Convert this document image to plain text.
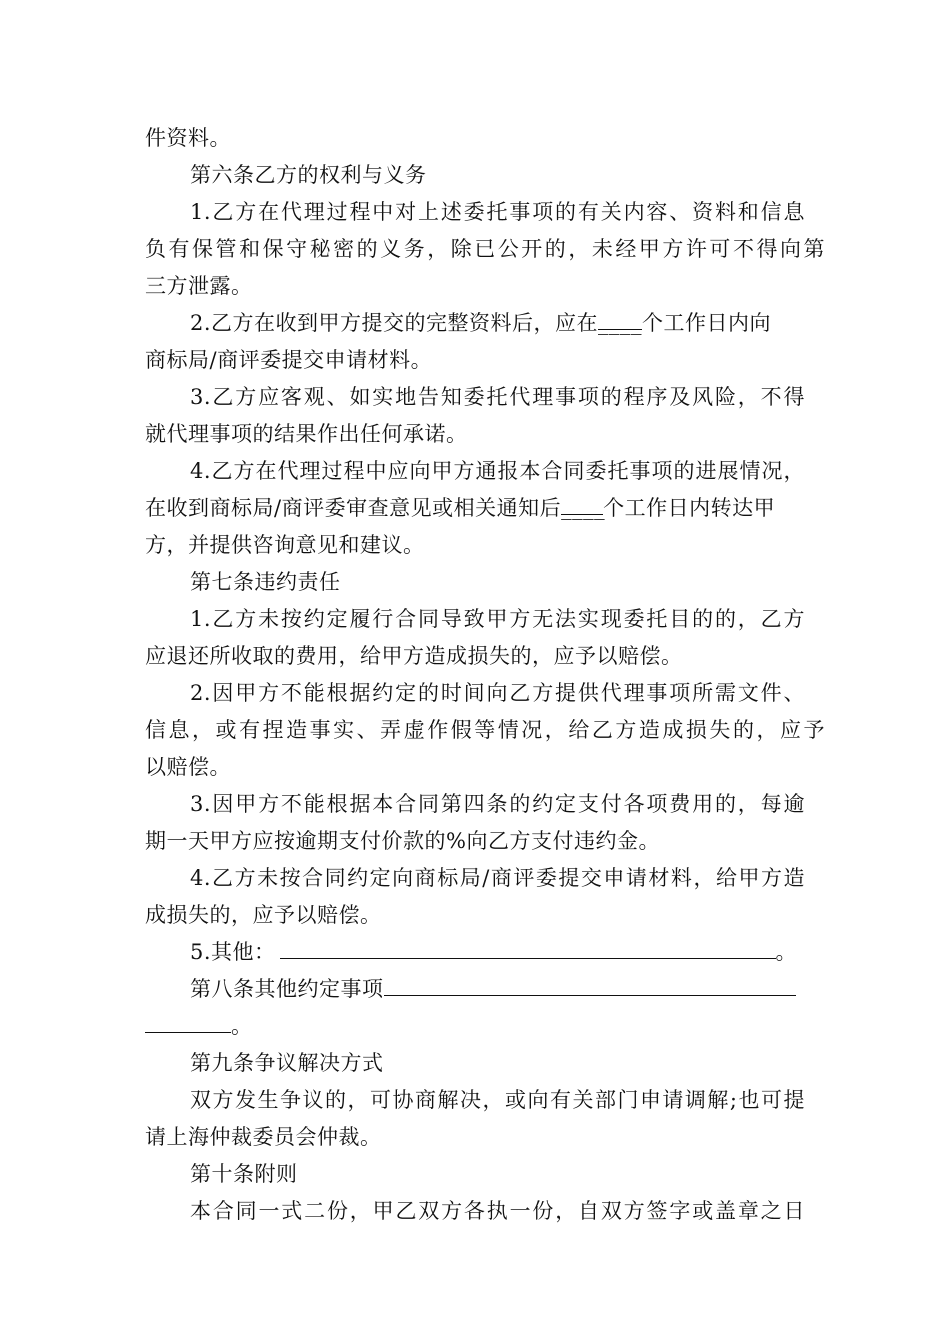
件资料。
第六条乙方的权利与义务
1.乙方在代理过程中对上述委托事项的有关内容、资料和信息
负有保管和保守秘密的义务，除已公开的，未经甲方许可不得向第
三方泄露。
2.乙方在收到甲方提交的完整资料后，应在____个工作日内向
商标局/商评委提交申请材料。
3.乙方应客观、如实地告知委托代理事项的程序及风险，不得
就代理事项的结果作出任何承诺。
4.乙方在代理过程中应向甲方通报本合同委托事项的进展情况，
在收到商标局/商评委审查意见或相关通知后____个工作日内转达甲
方，并提供咨询意见和建议。
第七条违约责任
1.乙方未按约定履行合同导致甲方无法实现委托目的的，乙方
应退还所收取的费用，给甲方造成损失的，应予以赔偿。
2.因甲方不能根据约定的时间向乙方提供代理事项所需文件、
信息，或有捏造事实、弄虚作假等情况，给乙方造成损失的，应予
以赔偿。
3.因甲方不能根据本合同第四条的约定支付各项费用的，每逾
期一天甲方应按逾期支付价款的%向乙方支付违约金。
4.乙方未按合同约定向商标局/商评委提交申请材料，给甲方造
成损失的，应予以赔偿。
5.其他：	。
第八条其他约定事项
。
第九条争议解决方式
双方发生争议的，可协商解决，或向有关部门申请调解;也可提
请上海仲裁委员会仲裁。
第十条附则
本合同一式二份，甲乙双方各执一份，自双方签字或盖章之日
